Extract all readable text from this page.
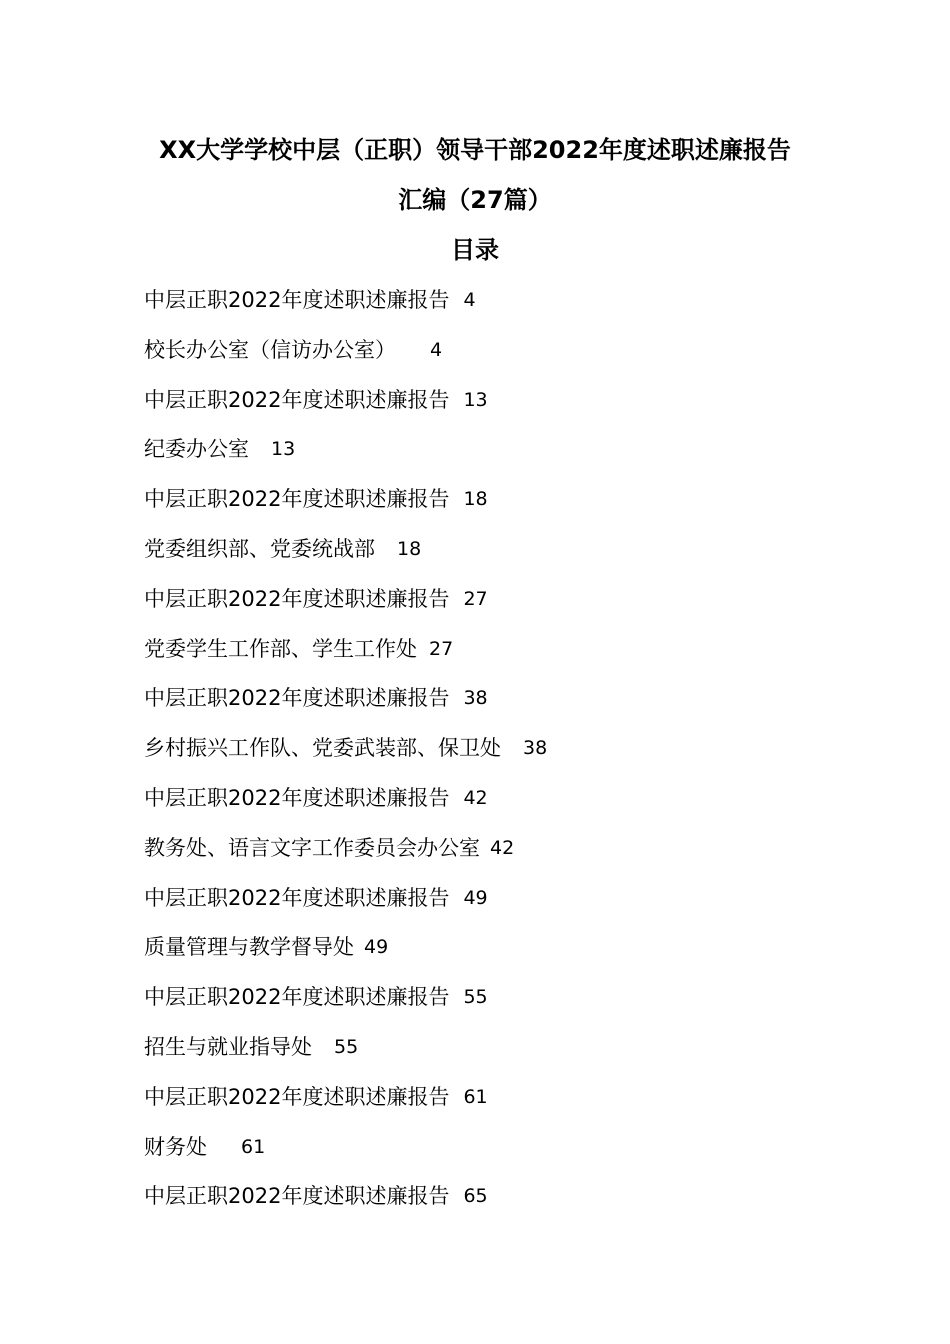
XX大学学校中层（正职）领导干部2022年度述职述廉报告
汇编（27篇）
目录
中层正职2022年度述职述廉报告 4
校长办公室（信访办公室） 4
中层正职2022年度述职述廉报告 13
纪委办公室 13
中层正职2022年度述职述廉报告 18
党委组织部、党委统战部 18
中层正职2022年度述职述廉报告 27
党委学生工作部、学生工作处 27
中层正职2022年度述职述廉报告 38
乡村振兴工作队、党委武装部、保卫处 38
中层正职2022年度述职述廉报告 42
教务处、语言文字工作委员会办公室 42
中层正职2022年度述职述廉报告 49
质量管理与教学督导处 49
中层正职2022年度述职述廉报告 55
招生与就业指导处 55
中层正职2022年度述职述廉报告 61
财务处 61
中层正职2022年度述职述廉报告 65
